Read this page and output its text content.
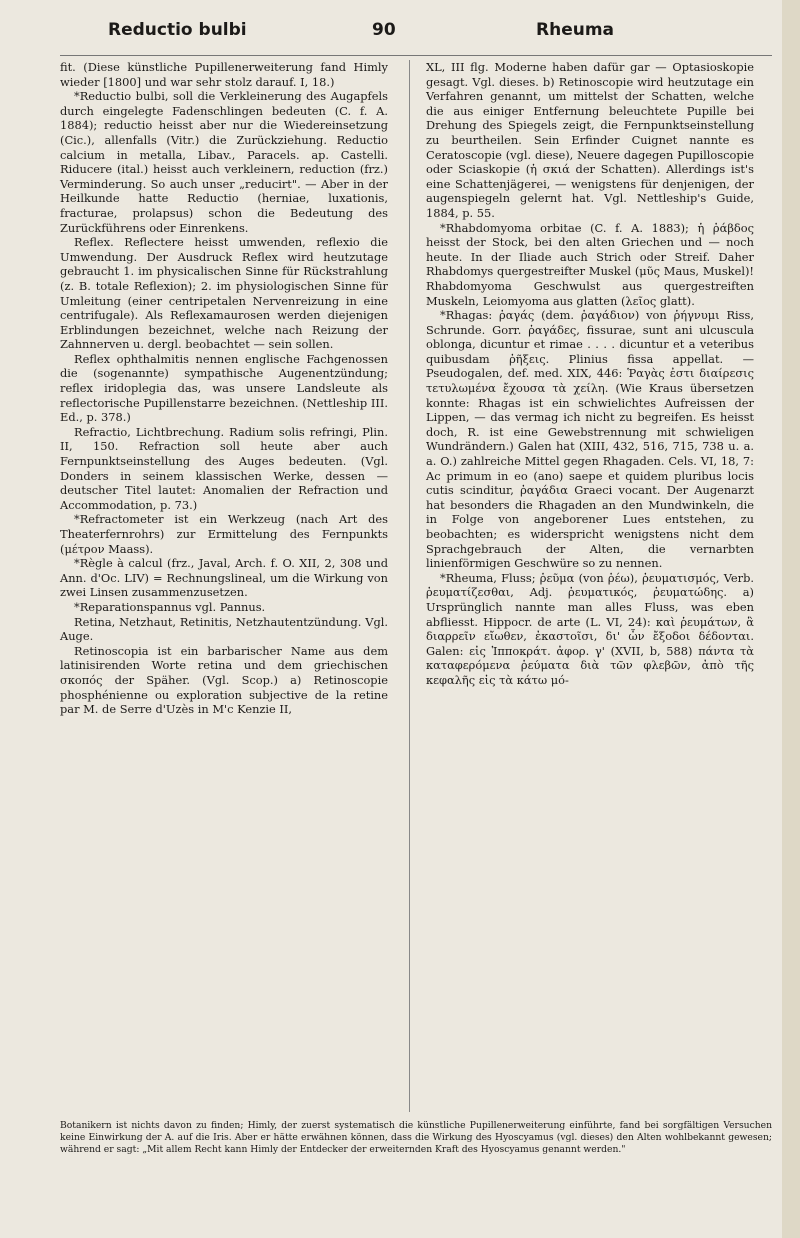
Reductio bulbi	90	Rheuma

fit. (Diese künstliche Pupillenerweiterung fand Himly wieder [1800] und war sehr stolz darauf. I, 18.)

*Reductio bulbi, soll die Verkleinerung des Augapfels durch eingelegte Fadenschlingen bedeuten (C. f. A. 1884); reductio heisst aber nur die Wiedereinsetzung (Cic.), allenfalls (Vitr.) die Zurückziehung. Reductio calcium in metalla, Libav., Paracels. ap. Castelli. Riducere (ital.) heisst auch verkleinern, reduction (frz.) Verminderung. So auch unser „reducirt". — Aber in der Heilkunde hatte Reductio (herniae, luxationis, fracturae, prolapsus) schon die Bedeutung des Zurückführens oder Einrenkens.

Reflex. Reflectere heisst umwenden, reflexio die Umwendung. Der Ausdruck Reflex wird heutzutage gebraucht 1. im physicalischen Sinne für Rückstrahlung (z. B. totale Reflexion); 2. im physiologischen Sinne für Umleitung (einer centripetalen Nervenreizung in eine centrifugale). Als Reflexamaurosen werden diejenigen Erblindungen bezeichnet, welche nach Reizung der Zahnnerven u. dergl. beobachtet — sein sollen.

Reflex ophthalmitis nennen englische Fachgenossen die (sogenannte) sympathische Augenentzündung; reflex iridoplegia das, was unsere Landsleute als reflectorische Pupillenstarre bezeichnen. (Nettleship III. Ed., p. 378.)

Refractio, Lichtbrechung. Radium solis refringi, Plin. II, 150. Refraction soll heute aber auch Fernpunktseinstellung des Auges bedeuten. (Vgl. Donders in seinem klassischen Werke, dessen — deutscher Titel lautet: Anomalien der Refraction und Accommodation, p. 73.)

*Refractometer ist ein Werkzeug (nach Art des Theaterfernrohrs) zur Ermittelung des Fernpunkts (μέτρον Maass).

*Règle à calcul (frz., Javal, Arch. f. O. XII, 2, 308 und Ann. d'Oc. LIV) = Rechnungslineal, um die Wirkung von zwei Linsen zusammenzusetzen.

*Reparationspannus vgl. Pannus.

Retina, Netzhaut, Retinitis, Netzhautentzündung. Vgl. Auge.

Retinoscopia ist ein barbarischer Name aus dem latinisirenden Worte retina und dem griechischen σκοπός der Späher. (Vgl. Scop.) a) Retinoscopie phosphénienne ou exploration subjective de la retine par M. de Serre d'Uzès in M'c Kenzie II,

XL, III flg. Moderne haben dafür gar — Optasioskopie gesagt. Vgl. dieses. b) Retinoscopie wird heutzutage ein Verfahren genannt, um mittelst der Schatten, welche die aus einiger Entfernung beleuchtete Pupille bei Drehung des Spiegels zeigt, die Fernpunktseinstellung zu beurtheilen. Sein Erfinder Cuignet nannte es Ceratoscopie (vgl. diese), Neuere dagegen Pupilloscopie oder Sciaskopie (ἡ σκιά der Schatten). Allerdings ist's eine Schattenjägerei, — wenigstens für denjenigen, der augenspiegeln gelernt hat. Vgl. Nettleship's Guide, 1884, p. 55.

*Rhabdomyoma orbitae (C. f. A. 1883); ἡ ῥάβδος heisst der Stock, bei den alten Griechen und — noch heute. In der Iliade auch Strich oder Streif. Daher Rhabdomys quergestreifter Muskel (μῦς Maus, Muskel)! Rhabdomyoma Geschwulst aus quergestreiften Muskeln, Leiomyoma aus glatten (λεῖος glatt).

*Rhagas: ῥαγάς (dem. ῥαγάδιον) von ῥήγνυμι Riss, Schrunde. Gorr. ῥαγάδες, fissurae, sunt ani ulcuscula oblonga, dicuntur et rimae . . . . dicuntur et a veteribus quibusdam ῥῆξεις. Plinius fissa appellat. — Pseudogalen, def. med. XIX, 446: Ῥαγὰς ἐστι διαίρεσις τετυλωμένα ἔχουσα τὰ χείλη. (Wie Kraus übersetzen konnte: Rhagas ist ein schwielichtes Aufreissen der Lippen, — das vermag ich nicht zu begreifen. Es heisst doch, R. ist eine Gewebstrennung mit schwieligen Wundrändern.) Galen hat (XIII, 432, 516, 715, 738 u. a. a. O.) zahlreiche Mittel gegen Rhagaden. Cels. VI, 18, 7: Ac primum in eo (ano) saepe et quidem pluribus locis cutis scinditur, ῥαγάδια Graeci vocant. Der Augenarzt hat besonders die Rhagaden an den Mundwinkeln, die in Folge von angeborener Lues entstehen, zu beobachten; es widerspricht wenigstens nicht dem Sprachgebrauch der Alten, die vernarbten linienförmigen Geschwüre so zu nennen.

*Rheuma, Fluss; ῥεῦμα (von ῥέω), ῥευματισμός, Verb. ῥευματίζεσθαι, Adj. ῥευματικός, ῥευματώδης. a) Ursprünglich nannte man alles Fluss, was eben abfliesst. Hippocr. de arte (L. VI, 24): καὶ ῥευμάτων, ἃ διαρρεῖν εἴωθεν, ἐκαστοῖσι, δι' ὧν ἔξοδοι δέδονται. Galen: εἰς Ἱπποκράτ. ἀφορ. γ' (XVII, b, 588) πάντα τὰ καταφερόμενα ῥεύματα διὰ τῶν φλεβῶν, ἀπὸ τῆς κεφαλῆς εἰς τὰ κάτω μό-

Botanikern ist nichts davon zu finden; Himly, der zuerst systematisch die künstliche Pupillenerweiterung einführte, fand bei sorgfältigen Versuchen keine Einwirkung der A. auf die Iris. Aber er hätte erwähnen können, dass die Wirkung des Hyoscyamus (vgl. dieses) den Alten wohlbekannt gewesen; während er sagt: „Mit allem Recht kann Himly der Entdecker der erweiternden Kraft des Hyoscyamus genannt werden."
